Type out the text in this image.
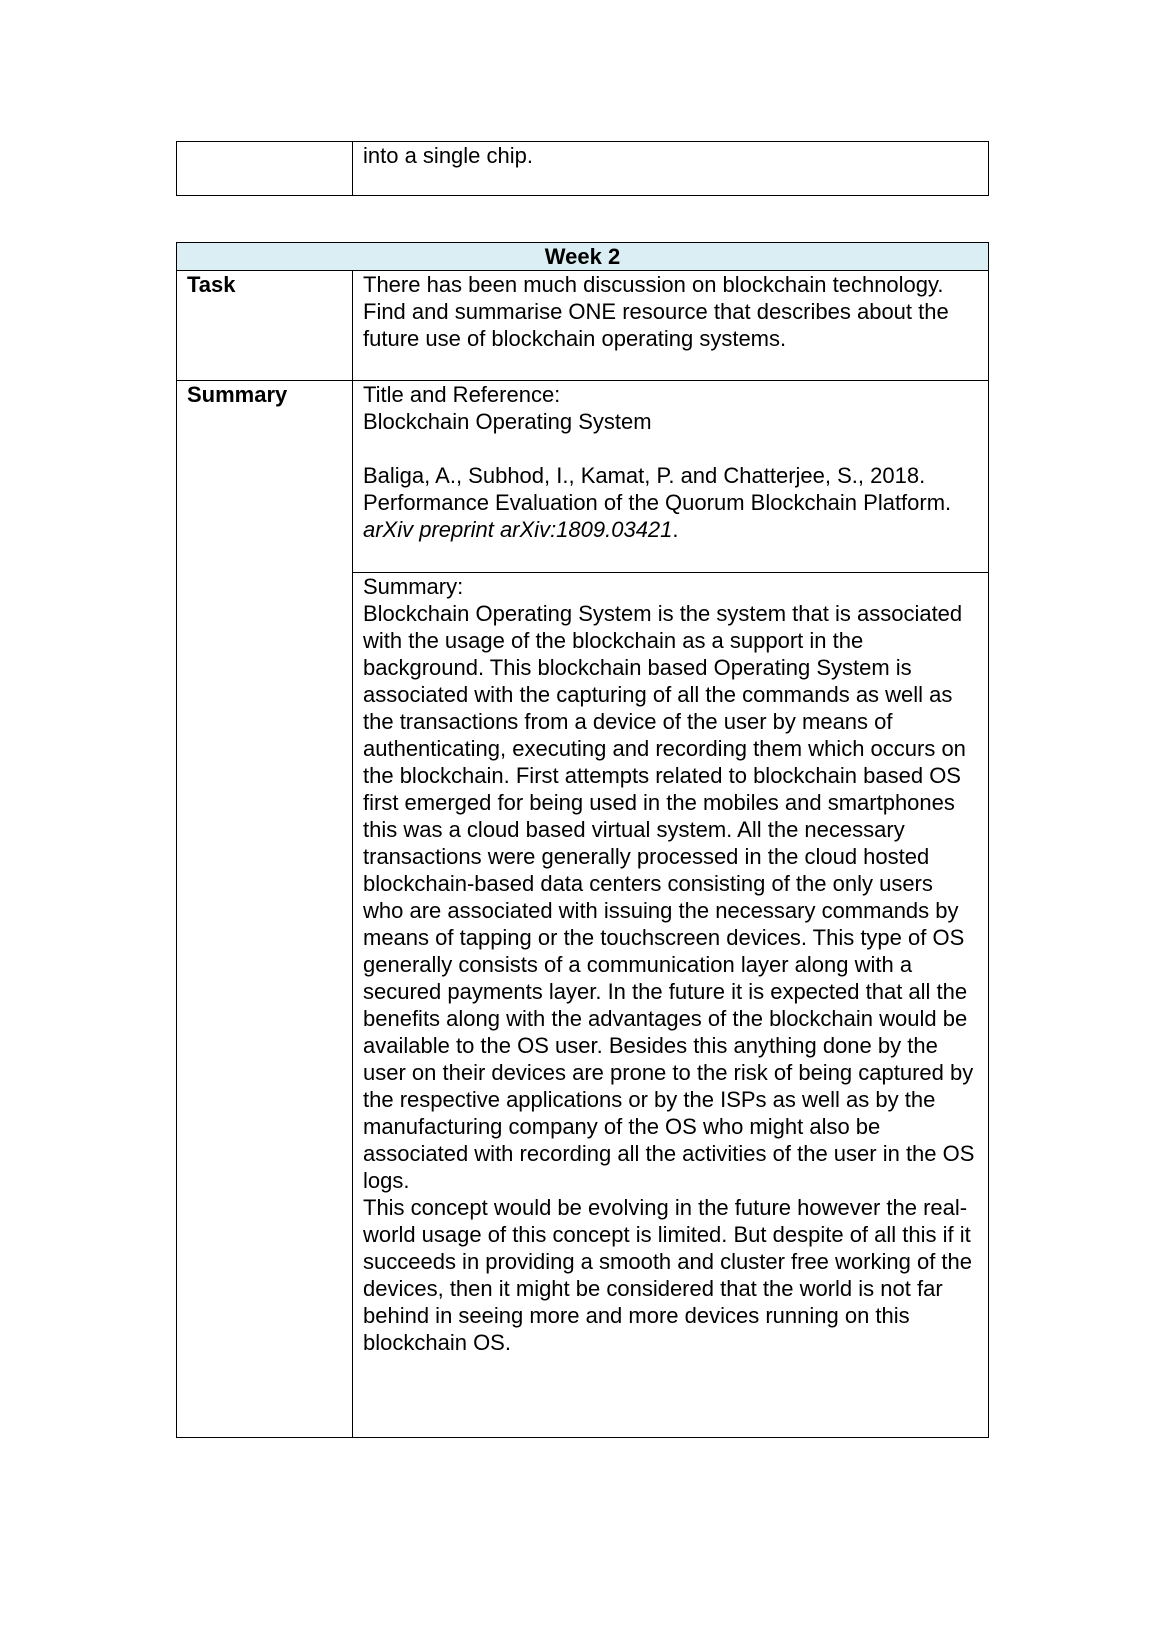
	into a single chip.
Week 2	
Task	There has been much discussion on blockchain technology. Find and summarise ONE resource that describes about the future use of blockchain operating systems.
Summary	Title and Reference:

Blockchain Operating System

Baliga, A., Subhod, I., Kamat, P. and Chatterjee, S., 2018. Performance Evaluation of the Quorum Blockchain Platform. arXiv preprint arXiv:1809.03421.

	Summary:

Blockchain Operating System is the system that is associated with the usage of the blockchain as a support in the background. This blockchain based Operating System is associated with the capturing of all the commands as well as the transactions from a device of the user by means of authenticating, executing and recording them which occurs on the blockchain. First attempts related to blockchain based OS first emerged for being used in the mobiles and smartphones this was a cloud based virtual system. All the necessary transactions were generally processed in the cloud hosted blockchain-based data centers consisting of the only users who are associated with issuing the necessary commands by means of tapping or the touchscreen devices. This type of OS generally consists of a communication layer along with a secured payments layer. In the future it is expected that all the benefits along with the advantages of the blockchain would be available to the OS user. Besides this anything done by the user on their devices are prone to the risk of being captured by the respective applications or by the ISPs as well as by the manufacturing company of the OS who might also be associated with recording all the activities of the user in the OS logs.

This concept would be evolving in the future however the real-world usage of this concept is limited. But despite of all this if it succeeds in providing a smooth and cluster free working of the devices, then it might be considered that the world is not far behind in seeing more and more devices running on this blockchain OS.
